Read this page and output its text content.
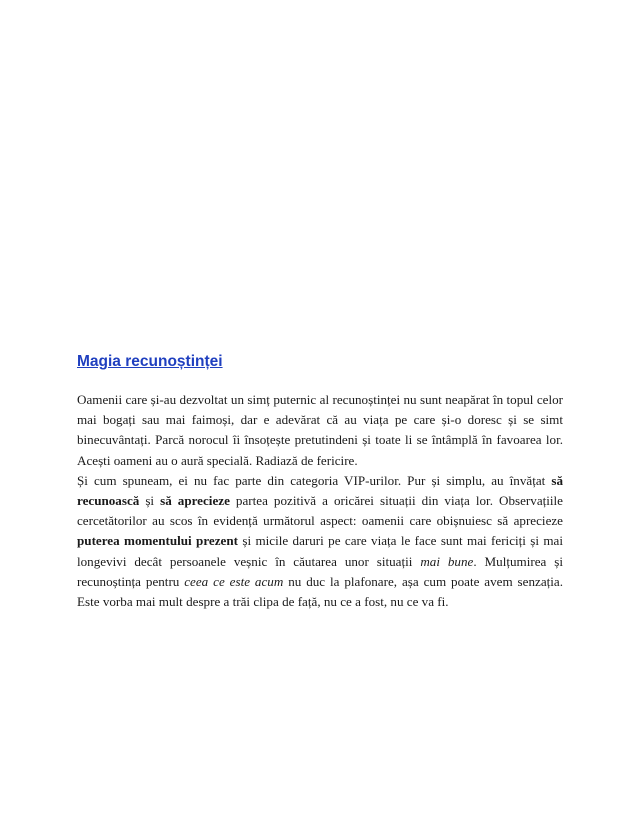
Magia recunoștinței

Oamenii care și-au dezvoltat un simț puternic al recunoștinței nu sunt neapărat în topul celor mai bogați sau mai faimoși, dar e adevărat că au viața pe care și-o doresc și se simt binecuvântați. Parcă norocul îi însoțește pretutindeni și toate li se întâmplă în favoarea lor. Acești oameni au o aură specială. Radiază de fericire.

Și cum spuneam, ei nu fac parte din categoria VIP-urilor. Pur și simplu, au învățat să recunoască și să aprecieze partea pozitivă a oricărei situații din viața lor. Observațiile cercetătorilor au scos în evidență următorul aspect: oamenii care obișnuiesc să aprecieze puterea momentului prezent și micile daruri pe care viața le face sunt mai fericiți și mai longevivi decât persoanele veșnic în căutarea unor situații mai bune. Mulțumirea și recunoștința pentru ceea ce este acum nu duc la plafonare, așa cum poate avem senzația. Este vorba mai mult despre a trăi clipa de față, nu ce a fost, nu ce va fi.
